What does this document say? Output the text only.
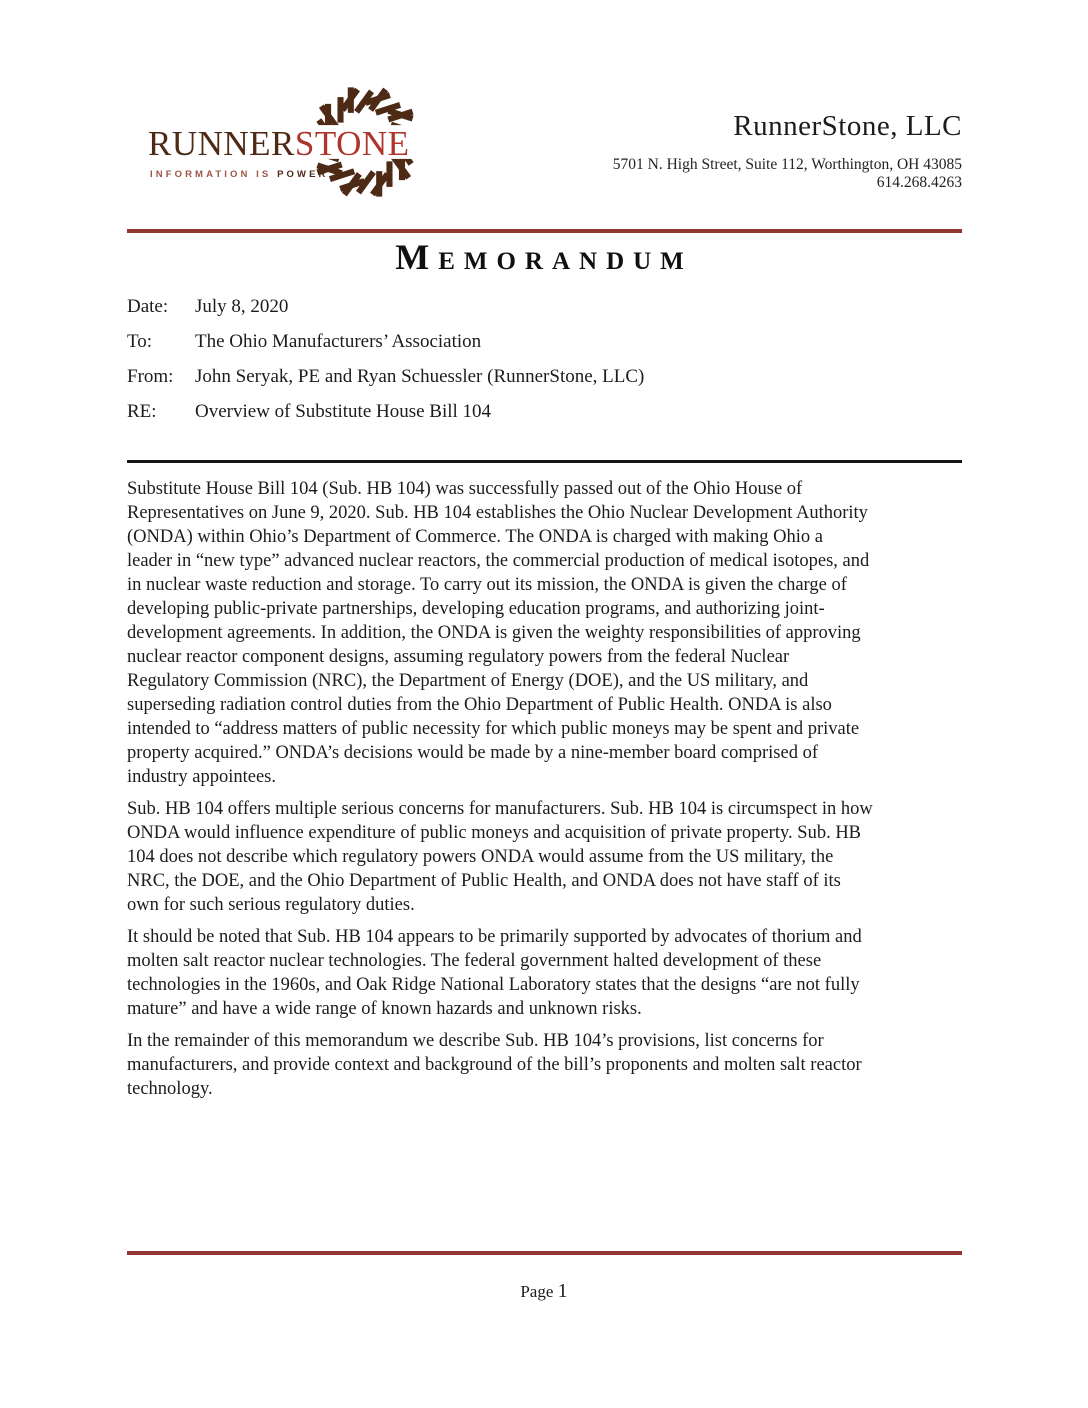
RUNNERSTONE
INFORMATION IS POWER
RunnerStone, LLC
5701 N. High Street, Suite 112, Worthington, OH 43085
614.268.4263
Memorandum
Date: July 8, 2020
To: The Ohio Manufacturers’ Association
From: John Seryak, PE and Ryan Schuessler (RunnerStone, LLC)
RE: Overview of Substitute House Bill 104
Substitute House Bill 104 (Sub. HB 104) was successfully passed out of the Ohio House of
Representatives on June 9, 2020. Sub. HB 104 establishes the Ohio Nuclear Development Authority
(ONDA) within Ohio’s Department of Commerce. The ONDA is charged with making Ohio a
leader in “new type” advanced nuclear reactors, the commercial production of medical isotopes, and
in nuclear waste reduction and storage. To carry out its mission, the ONDA is given the charge of
developing public-private partnerships, developing education programs, and authorizing joint-
development agreements. In addition, the ONDA is given the weighty responsibilities of approving
nuclear reactor component designs, assuming regulatory powers from the federal Nuclear
Regulatory Commission (NRC), the Department of Energy (DOE), and the US military, and
superseding radiation control duties from the Ohio Department of Public Health. ONDA is also
intended to “address matters of public necessity for which public moneys may be spent and private
property acquired.” ONDA’s decisions would be made by a nine-member board comprised of
industry appointees.
Sub. HB 104 offers multiple serious concerns for manufacturers. Sub. HB 104 is circumspect in how
ONDA would influence expenditure of public moneys and acquisition of private property. Sub. HB
104 does not describe which regulatory powers ONDA would assume from the US military, the
NRC, the DOE, and the Ohio Department of Public Health, and ONDA does not have staff of its
own for such serious regulatory duties.
It should be noted that Sub. HB 104 appears to be primarily supported by advocates of thorium and
molten salt reactor nuclear technologies. The federal government halted development of these
technologies in the 1960s, and Oak Ridge National Laboratory states that the designs “are not fully
mature” and have a wide range of known hazards and unknown risks.
In the remainder of this memorandum we describe Sub. HB 104’s provisions, list concerns for
manufacturers, and provide context and background of the bill’s proponents and molten salt reactor
technology.
Page 1
